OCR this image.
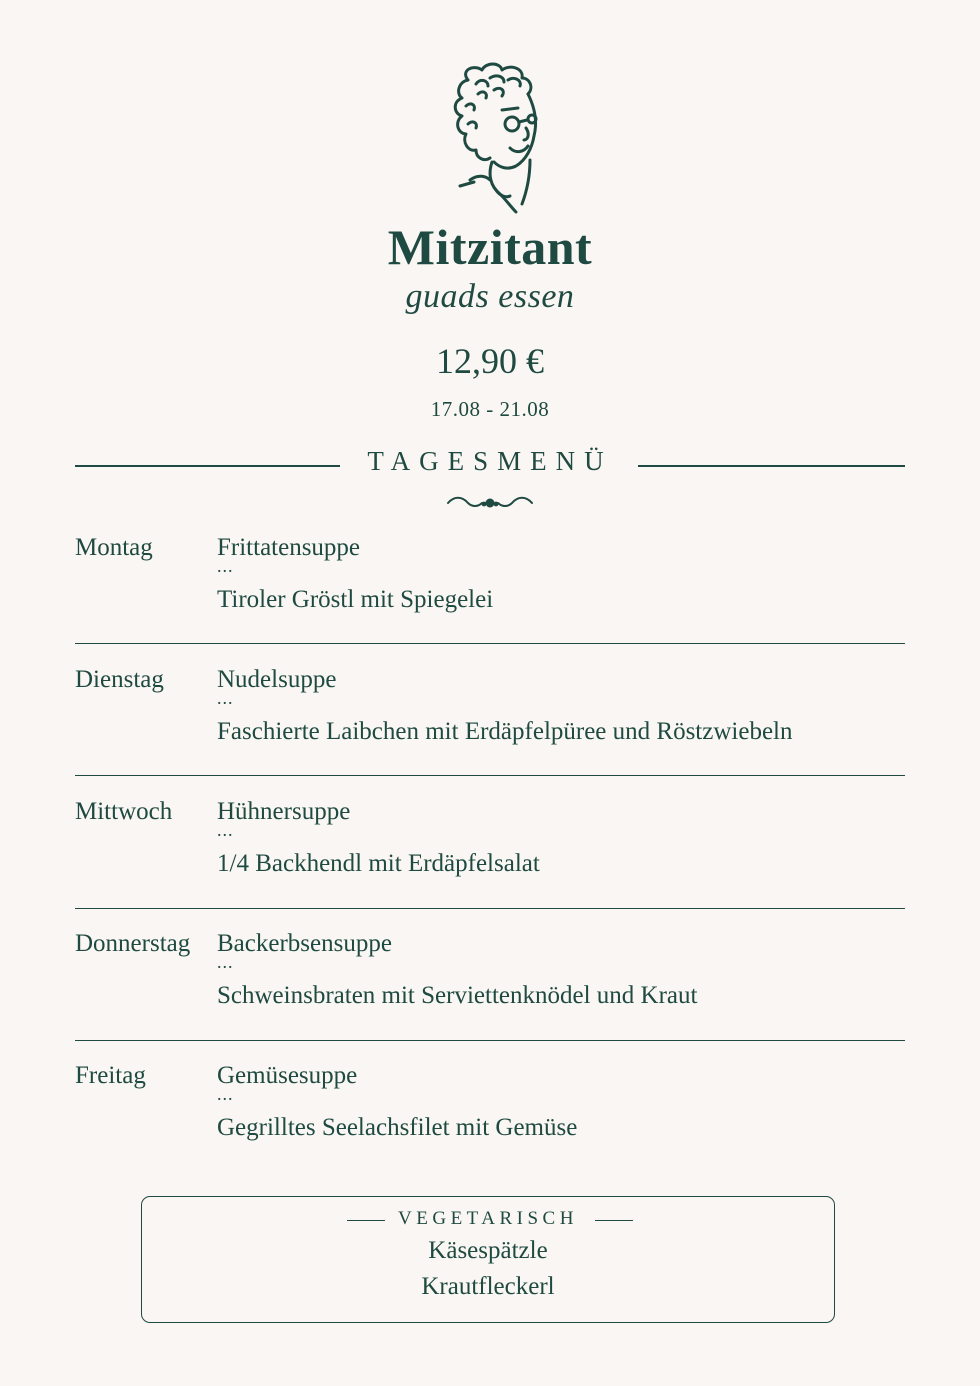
Mitzitant
guads essen
12,90 €
17.08 - 21.08
TAGESMENÜ
Montag	Frittatensuppe
...
Tiroler Gröstl mit Spiegelei
Dienstag Nudelsuppe
...
Faschierte Laibchen mit Erdäpfelpüree und Röstzwiebeln
Mittwoch Hühnersuppe
...
1/4 Backhendl mit Erdäpfelsalat
Donnerstag Backerbsensuppe
...
Schweinsbraten mit Serviettenknödel und Kraut
Freitag	Gemüsesuppe
...
Gegrilltes Seelachsfilet mit Gemüse
VEGETARISCH
Käsespätzle
Krautfleckerl
